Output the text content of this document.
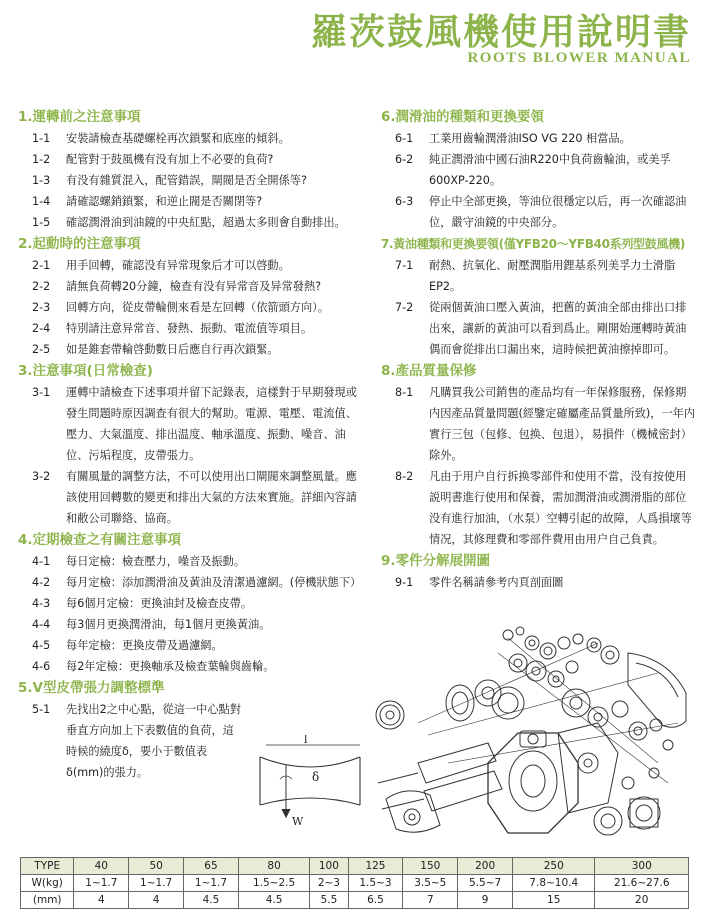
羅茨鼓風機使用說明書
ROOTS BLOWER MANUAL
1.運轉前之注意事項
1-1	安裝請檢查基礎螺栓再次鎖緊和底座的傾斜。
1-2	配管對于鼓風機有没有加上不必要的負荷?
1-3	有没有雜質混入，配管錯誤，閘閥是否全開係等?
1-4	請確認螺銷鎖緊，和逆止閥是否關閉等?
1-5	確認潤滑油到油鏡的中央紅點，超過太多則會自動排出。
2.起動時的注意事項
2-1	用手回轉，確認没有异常現象后才可以啓動。
2-2	請無負荷轉20分鐘，檢查有没有异常音及异常發熱?
2-3	回轉方向，從皮帶輪側來看是左回轉（依箭頭方向）。
2-4	特別請注意异常音、發熱、振動、電流值等項目。
2-5	如是錐套帶輪啓動數日后應自行再次鎖緊。
3.注意事項(日常檢查)
3-1	運轉中請檢查下述事項并留下記錄表，這樣對于早期發現或發生問題時原因調查有很大的幫助。電源、電壓、電流值、壓力、大氣溫度、排出温度、軸承溫度、振動、噪音、油位、污垢程度，皮帶張力。
3-2	有關風量的調整方法，不可以使用出口閘閥來調整風量。應該使用回轉數的變更和排出大氣的方法來實施。詳細內容請和敝公司聯絡、協商。
4.定期檢查之有關注意事項
4-1	每日定檢：檢查壓力，噪音及振動。
4-2	每月定檢：添加潤滑油及黃油及清潔過濾網。(停機狀態下）
4-3	每6個月定檢：更換油封及檢查皮帶。
4-4	每3個月更換潤滑油，每1個月更換黃油。
4-5	每年定檢：更換皮帶及過濾網。
4-6	每2年定檢：更換軸承及檢查葉輪與齒輪。
5.V型皮帶張力調整標準
5-1	先找出2之中心點，從這一中心點對垂直方向加上下表數值的負荷，這時候的繞度δ，要小于數值表δ(mm)的張力。
6.潤滑油的種類和更換要領
6-1	工業用齒輪潤滑油ISO VG 220 相當品。
6-2	純正潤滑油中國石油R220中負荷齒輪油，或美孚600XP-220。
6-3	停止中全部更換，等油位很穩定以后，再一次確認油位，嚴守油鏡的中央部分。
7.黃油種類和更換要領(僅YFB20～YFB40系列型鼓風機)
7-1	耐熱、抗氧化、耐壓潤脂用鋰基系列美孚力士滑脂EP2。
7-2	從兩個黃油口壓入黃油，把舊的黃油全部由排出口排出來，讓新的黃油可以看到爲止。剛開始運轉時黃油偶而會從排出口漏出來，這時候把黃油擦掉即可。
8.產品質量保修
8-1	凡購買我公司銷售的產品均有一年保修服務，保修期内因產品質量問題(經鑒定確屬產品質量所致)，一年内實行三包（包修、包换、包退），易損件（機械密封）除外。
8-2	凡由于用户自行拆换零部件和使用不當，没有按使用説明書進行使用和保養，需加潤滑油或潤滑脂的部位没有進行加油，（水泵）空轉引起的故障，人爲損壞等情况，其修理費和零部件費用由用户自己負責。
9.零件分解展開圖
9-1	零件名稱請參考内頁剖面圖
l
δ
W
TYPE	40	50	65	80	100	125	150	200	250	300
W(kg)	1~1.7	1~1.7	1~1.7	1.5~2.5	2~3	1.5~3	3.5~5	5.5~7	7.8~10.4	21.6~27.6
(mm)	4	4	4.5	4.5	5.5	6.5	7	9	15	20
